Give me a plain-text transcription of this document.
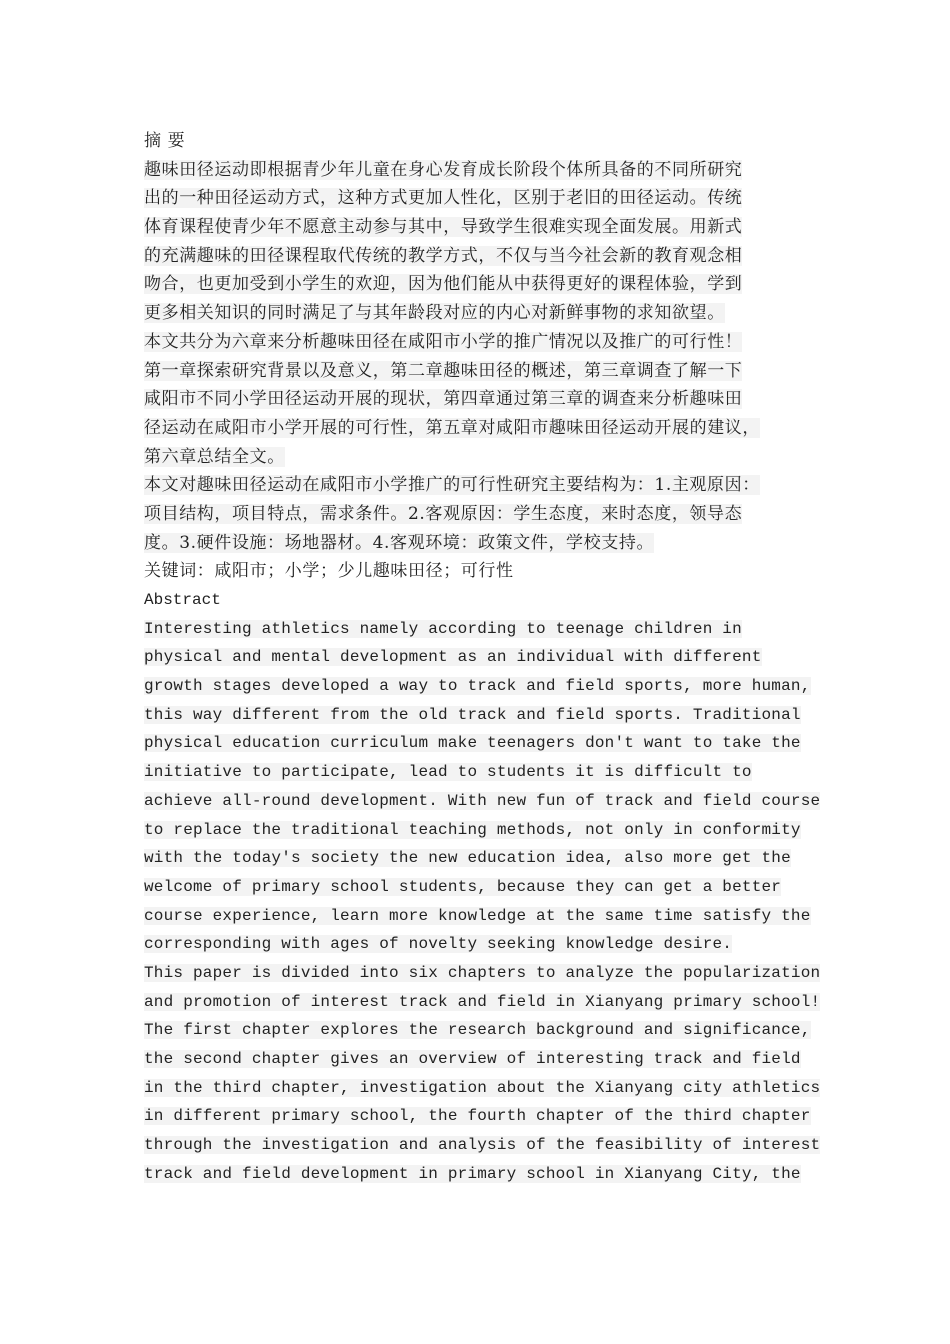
摘 要
趣味田径运动即根据青少年儿童在身心发育成长阶段个体所具备的不同所研究
出的一种田径运动方式，这种方式更加人性化，区别于老旧的田径运动。传统
体育课程使青少年不愿意主动参与其中，导致学生很难实现全面发展。用新式
的充满趣味的田径课程取代传统的教学方式，不仅与当今社会新的教育观念相
吻合，也更加受到小学生的欢迎，因为他们能从中获得更好的课程体验，学到
更多相关知识的同时满足了与其年龄段对应的内心对新鲜事物的求知欲望。
本文共分为六章来分析趣味田径在咸阳市小学的推广情况以及推广的可行性！
第一章探索研究背景以及意义，第二章趣味田径的概述，第三章调查了解一下
咸阳市不同小学田径运动开展的现状，第四章通过第三章的调查来分析趣味田
径运动在咸阳市小学开展的可行性，第五章对咸阳市趣味田径运动开展的建议，
第六章总结全文。
本文对趣味田径运动在咸阳市小学推广的可行性研究主要结构为：1.主观原因：
项目结构，项目特点，需求条件。2.客观原因：学生态度，来时态度，领导态
度。3.硬件设施：场地器材。4.客观环境：政策文件，学校支持。
关键词：咸阳市；小学；少儿趣味田径；可行性
Abstract
Interesting athletics namely according to teenage children in
physical and mental development as an individual with different
growth stages developed a way to track and field sports, more human,
this way different from the old track and field sports. Traditional
physical education curriculum make teenagers don't want to take the
initiative to participate, lead to students it is difficult to
achieve all-round development. With new fun of track and field course
to replace the traditional teaching methods, not only in conformity
with the today's society the new education idea, also more get the
welcome of primary school students, because they can get a better
course experience, learn more knowledge at the same time satisfy the
corresponding with ages of novelty seeking knowledge desire.
This paper is divided into six chapters to analyze the popularization
and promotion of interest track and field in Xianyang primary school!
The first chapter explores the research background and significance,
the second chapter gives an overview of interesting track and field
in the third chapter, investigation about the Xianyang city athletics
in different primary school, the fourth chapter of the third chapter
through the investigation and analysis of the feasibility of interest
track and field development in primary school in Xianyang City, the
